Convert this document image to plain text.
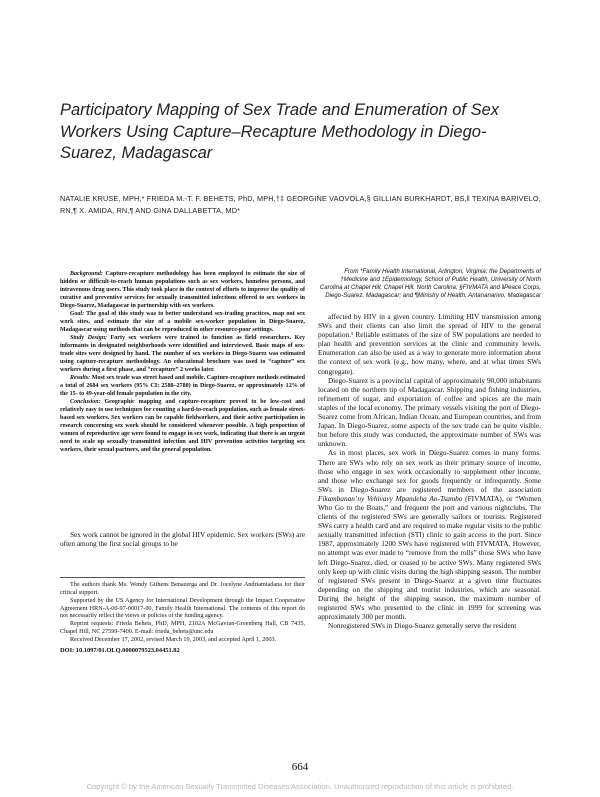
Participatory Mapping of Sex Trade and Enumeration of Sex Workers Using Capture–Recapture Methodology in Diego-Suarez, Madagascar
NATALIE KRUSE, MPH,* FRIEDA M.-T. F. BEHETS, PhD, MPH,†‡ GEORGINE VAOVOLA,§ GILLIAN BURKHARDT, BS,‖ TEXINA BARIVELO, RN,¶ X. AMIDA, RN,¶ AND GINA DALLABETTA, MD*

Background: Capture-recapture methodology has been employed to estimate the size of hidden or difficult-to-reach human populations such as sex workers, homeless persons, and intravenous drug users. This study took place in the context of efforts to improve the quality of curative and preventive services for sexually transmitted infections offered to sex workers in Diego-Suarez, Madagascar in partnership with sex workers.

Goal: The goal of this study was to better understand sex-trading practices, map out sex work sites, and estimate the size of a mobile sex-worker population in Diego-Suarez, Madagascar using methods that can be reproduced in other resource-poor settings.

Study Design: Forty sex workers were trained to function as field researchers. Key informants in designated neighborhoods were identified and interviewed. Basic maps of sex-trade sites were designed by hand. The number of sex workers in Diego-Suarez was estimated using capture-recapture methodology. An educational brochure was used to “capture” sex workers during a first phase, and “recapture” 2 weeks later.

Results: Most sex trade was street based and mobile. Capture-recapture methods estimated a total of 2684 sex workers (95% CI: 2588–2780) in Diego-Suarez, or approximately 12% of the 15- to 49-year-old female population in the city.

Conclusion: Geographic mapping and capture-recapture proved to be low-cost and relatively easy to use techniques for counting a hard-to-reach population, such as female street-based sex workers. Sex workers can be capable fieldworkers, and their active participation in research concerning sex work should be considered whenever possible. A high proportion of women of reproductive age were found to engage in sex work, indicating that there is an urgent need to scale up sexually transmitted infection and HIV prevention activities targeting sex workers, their sexual partners, and the general population.

Sex work cannot be ignored in the global HIV epidemic. Sex workers (SWs) are often among the first social groups to be

The authors thank Ms. Wendy Githens Benazerga and Dr. Jocelyne Andriamiadana for their critical support.

Supported by the US Agency for International Development through the Impact Cooperative Agreement HRN-A-00-97-00017-00, Family Health International. The contents of this report do not necessarily reflect the views or policies of the funding agency.

Reprint requests: Frieda Behets, PhD, MPH, 2102A McGavran-Greenberg Hall, CB 7435, Chapel Hill, NC 27599-7400. E-mail: frieda_behets@unc.edu

Received December 17, 2002, revised March 19, 2003, and accepted April 1, 2003.

DOI: 10.1097/01.OLQ.0000079523.04451.82

From *Family Health International, Arlington, Virginia; the Departments of †Medicine and ‡Epidemiology, School of Public Health, University of North Carolina at Chapel Hill, Chapel Hill, North Carolina; §FIVMATA and ‖Peace Corps, Diego-Suarez, Madagascar; and ¶Ministry of Health, Antananarivo, Madagascar

affected by HIV in a given country. Limiting HIV transmission among SWs and their clients can also limit the spread of HIV to the general population.¹ Reliable estimates of the size of SW populations are needed to plan health and prevention services at the clinic and community levels. Enumeration can also be used as a way to generate more information about the context of sex work (e.g., how many, where, and at what times SWs congregate).

Diego-Suarez is a provincial capital of approximately 90,000 inhabitants located on the northern tip of Madagascar. Shipping and fishing industries, refinement of sugar, and exportation of coffee and spices are the main staples of the local economy. The primary vessels visiting the port of Diego-Suarez come from African, Indian Ocean, and European countries, and from Japan. In Diego-Suarez, some aspects of the sex trade can be quite visible, but before this study was conducted, the approximate number of SWs was unknown.

As in most places, sex work in Diego-Suarez comes in many forms. There are SWs who rely on sex work as their primary source of income, those who engage in sex work occasionally to supplement other income, and those who exchange sex for goods frequently or infrequently. Some SWs in Diego-Suarez are registered members of the association Fikambanan’ny Vehivavy Mpandeha An-Tsambo (FIVMATA), or “Women Who Go to the Boats,” and frequent the port and various nightclubs. The clients of the registered SWs are generally sailors or tourists. Registered SWs carry a health card and are required to make regular visits to the public sexually transmitted infection (STI) clinic to gain access to the port. Since 1987, approximately 1200 SWs have registered with FIVMATA. However, no attempt was ever made to “remove from the rolls” those SWs who have left Diego-Suarez, died, or ceased to be active SWs. Many registered SWs only keep up with clinic visits during the high shipping season. The number of registered SWs present in Diego-Suarez at a given time fluctuates depending on the shipping and tourist industries, which are seasonal. During the height of the shipping season, the maximum number of registered SWs who presented to the clinic in 1999 for screening was approximately 300 per month.

Nonregistered SWs in Diego-Suarez generally serve the resident

664
Copyright © by the American Sexually Transmitted Diseases Association. Unauthorized reproduction of this article is prohibited.
